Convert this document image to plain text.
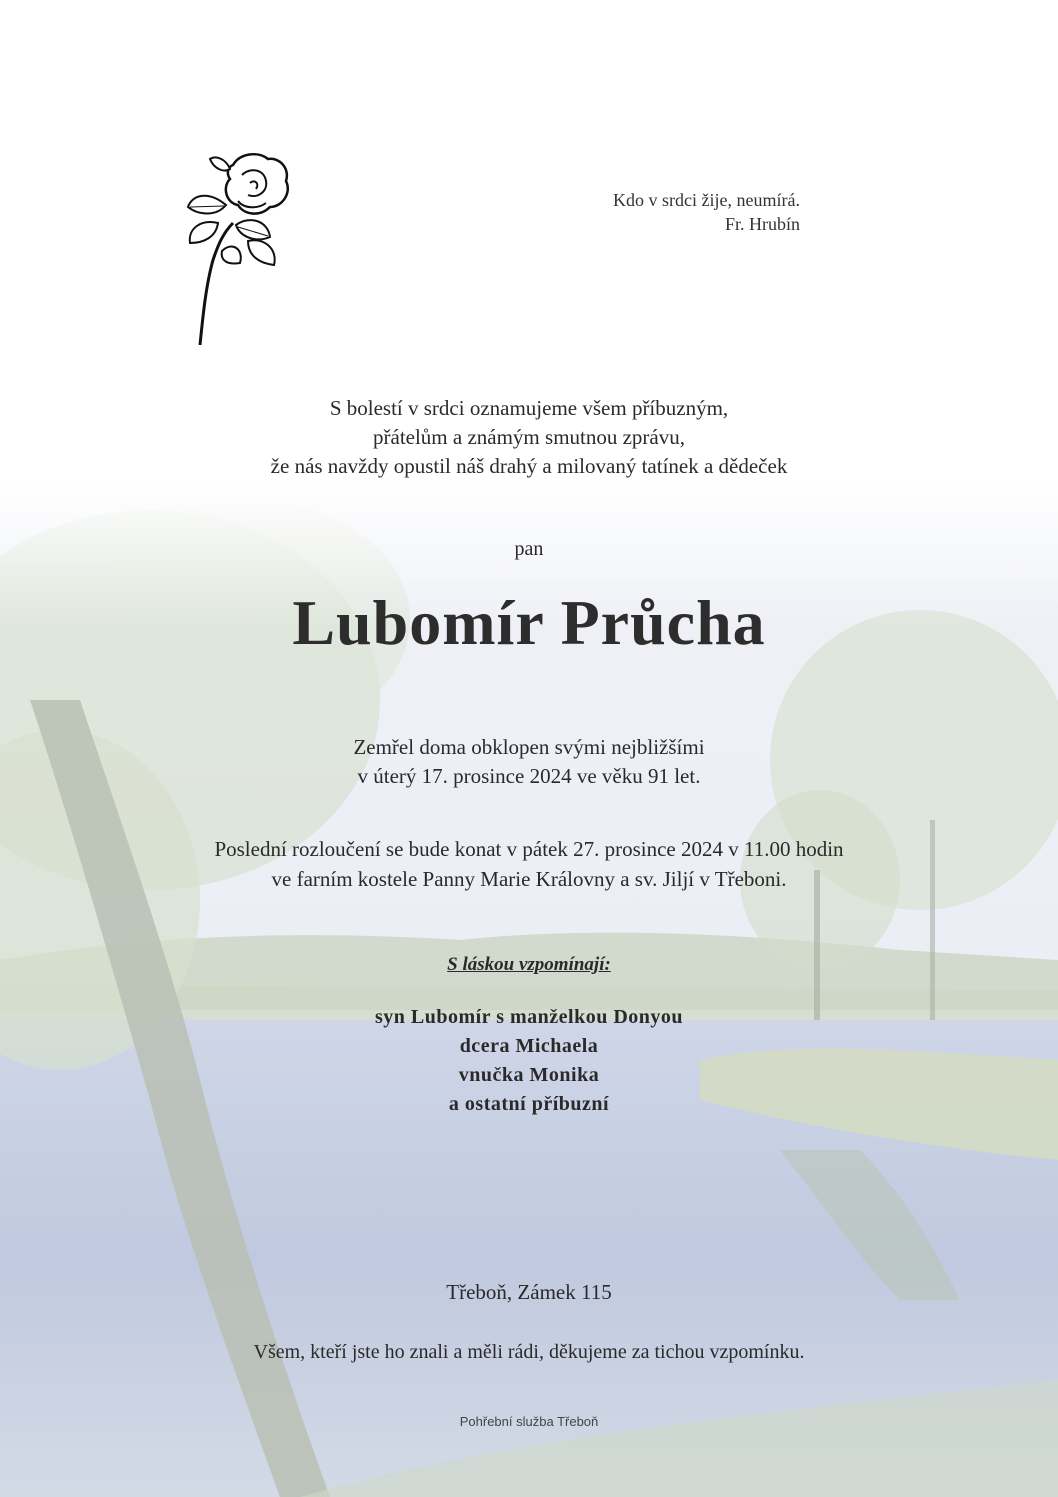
Kdo v srdci žije, neumírá.
Fr. Hrubín
S bolestí v srdci oznamujeme všem příbuzným,
přátelům a známým smutnou zprávu,
že nás navždy opustil náš drahý a milovaný tatínek a dědeček
pan
Lubomír Průcha
Zemřel doma obklopen svými nejbližšími
v úterý 17. prosince 2024 ve věku 91 let.
Poslední rozloučení se bude konat v pátek 27. prosince 2024 v 11.00 hodin
ve farním kostele Panny Marie Královny a sv. Jiljí v Třeboni.
S láskou vzpomínají:
syn Lubomír s manželkou Donyou
dcera Michaela
vnučka Monika
a ostatní příbuzní
Třeboň, Zámek 115
Všem, kteří jste ho znali a měli rádi, děkujeme za tichou vzpomínku.
Pohřební služba Třeboň
